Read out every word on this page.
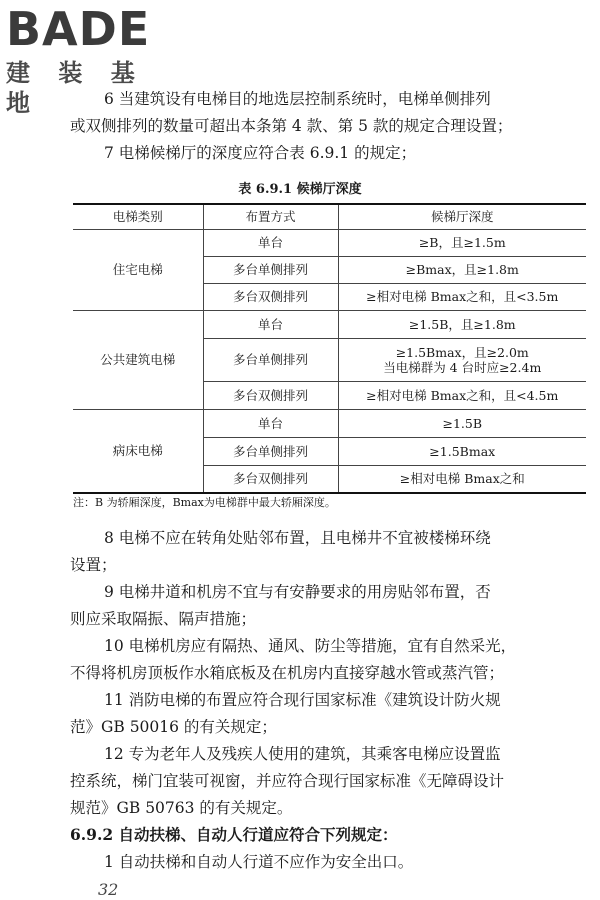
BADE
建 装 基 地	6 当建筑设有电梯目的地选层控制系统时，电梯单侧排列
或双侧排列的数量可超出本条第 4 款、第 5 款的规定合理设置；
7 电梯候梯厅的深度应符合表 6.9.1 的规定；
表 6.9.1 候梯厅深度
电梯类别	布置方式	候梯厅深度
住宅电梯	单台	≥B，且≥1.5m
	多台单侧排列	≥Bmax，且≥1.8m
	多台双侧排列	≥相对电梯 Bmax之和，且<3.5m
公共建筑电梯	单台	≥1.5B，且≥1.8m
	多台单侧排列	≥1.5Bmax，且≥2.0m
当电梯群为 4 台时应≥2.4m

	多台双侧排列	≥相对电梯 Bmax之和，且<4.5m
病床电梯	单台	≥1.5B
	多台单侧排列	≥1.5Bmax
	多台双侧排列	≥相对电梯 Bmax之和
注：B 为轿厢深度，Bmax为电梯群中最大轿厢深度。
8 电梯不应在转角处贴邻布置，且电梯井不宜被楼梯环绕
设置；
9 电梯井道和机房不宜与有安静要求的用房贴邻布置，否
则应采取隔振、隔声措施；
10 电梯机房应有隔热、通风、防尘等措施，宜有自然采光，
不得将机房顶板作水箱底板及在机房内直接穿越水管或蒸汽管；
11 消防电梯的布置应符合现行国家标准《建筑设计防火规
范》GB 50016 的有关规定；
12 专为老年人及残疾人使用的建筑，其乘客电梯应设置监
控系统，梯门宜装可视窗，并应符合现行国家标准《无障碍设计
规范》GB 50763 的有关规定。
6.9.2 自动扶梯、自动人行道应符合下列规定：
1 自动扶梯和自动人行道不应作为安全出口。
32
